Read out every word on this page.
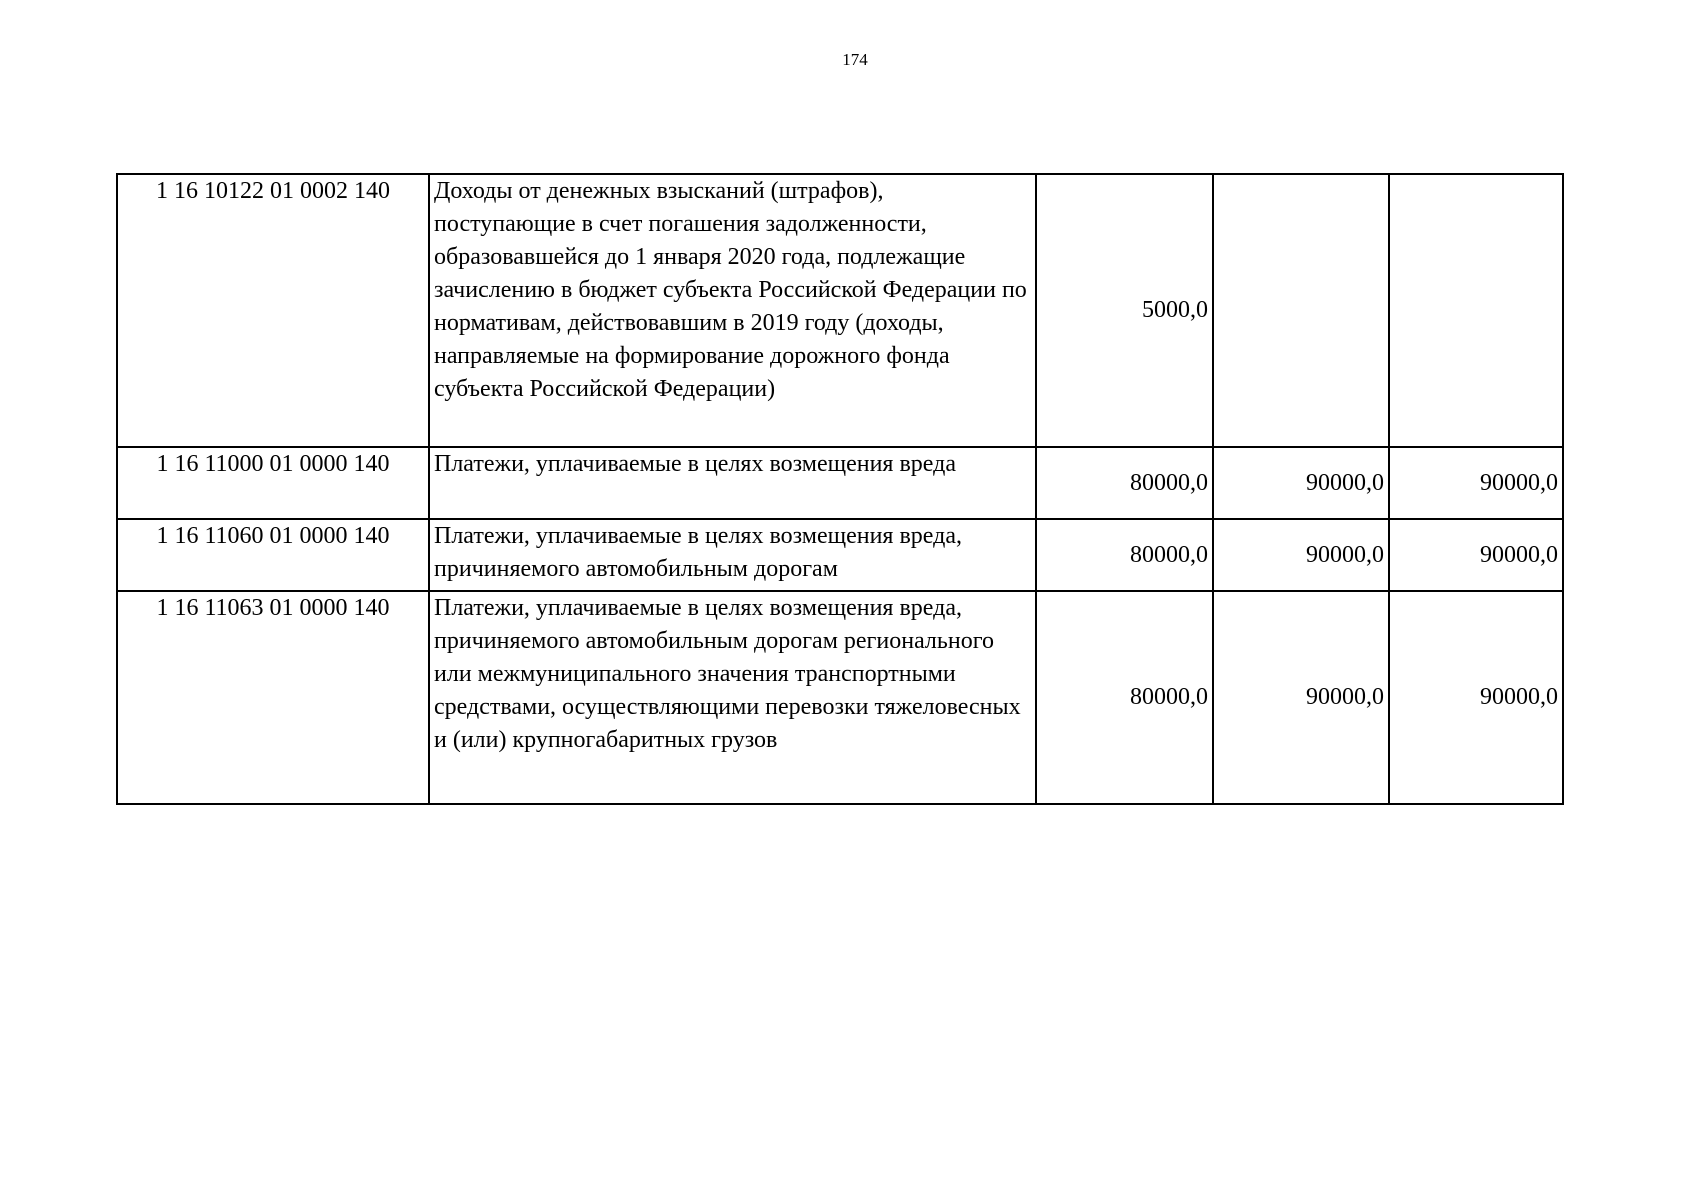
174
1 16 10122 01 0002 140	Доходы от денежных взысканий (штрафов), поступающие в счет погашения задолженности, образовавшейся до 1 января 2020 года, подлежащие зачислению в бюджет субъекта Российской Федерации по нормативам, действовавшим в 2019 году (доходы, направляемые на формирование дорожного фонда субъекта Российской Федерации)	5000,0		
1 16 11000 01 0000 140	Платежи, уплачиваемые в целях возмещения вреда	80000,0	90000,0	90000,0
1 16 11060 01 0000 140	Платежи, уплачиваемые в целях возмещения вреда, причиняемого автомобильным дорогам	80000,0	90000,0	90000,0
1 16 11063 01 0000 140	Платежи, уплачиваемые в целях возмещения вреда, причиняемого автомобильным дорогам регионального или межмуниципального значения транспортными средствами, осуществляющими перевозки тяжеловесных и (или) крупногабаритных грузов	80000,0	90000,0	90000,0
